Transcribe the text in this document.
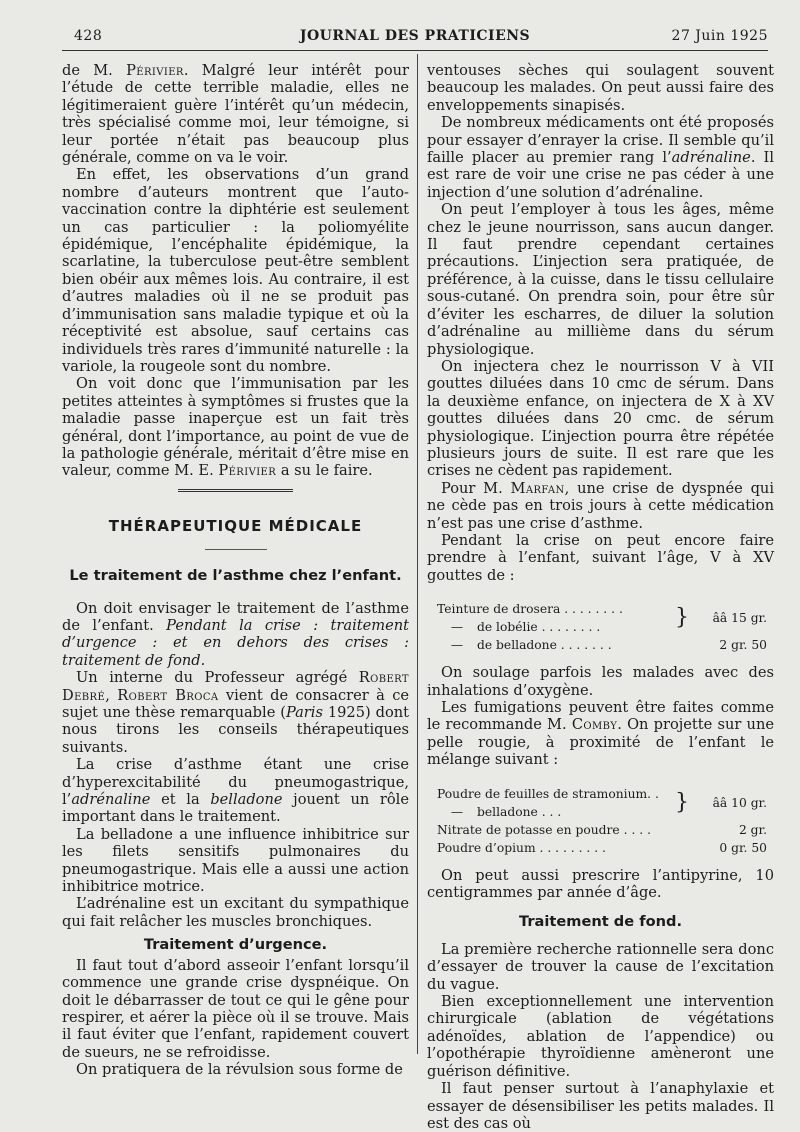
428	JOURNAL DES PRATICIENS	27 Juin 1925

de M. Périvier. Malgré leur intérêt pour l’étude de cette terrible maladie, elles ne légitimeraient guère l’intérêt qu’un médecin, très spécialisé comme moi, leur témoigne, si leur portée n’était pas beaucoup plus générale, comme on va le voir.

En effet, les observations d’un grand nombre d’auteurs montrent que l’auto-vaccination contre la diphtérie est seulement un cas particulier : la poliomyélite épidémique, l’encéphalite épidémique, la scarlatine, la tuberculose peut-être semblent bien obéir aux mêmes lois. Au contraire, il est d’autres maladies où il ne se produit pas d’immunisation sans maladie typique et où la réceptivité est absolue, sauf certains cas individuels très rares d’immunité naturelle : la variole, la rougeole sont du nombre.

On voit donc que l’immunisation par les petites atteintes à symptômes si frustes que la maladie passe inaperçue est un fait très général, dont l’importance, au point de vue de la pathologie générale, méritait d’être mise en valeur, comme M. E. Périvier a su le faire.

THÉRAPEUTIQUE MÉDICALE
Le traitement de l’asthme chez l’enfant.

On doit envisager le traitement de l’asthme de l’enfant. Pendant la crise : traitement d’urgence : et en dehors des crises : traitement de fond.

Un interne du Professeur agrégé Robert Debré, Robert Broca vient de consacrer à ce sujet une thèse remarquable (Paris 1925) dont nous tirons les conseils thérapeutiques suivants.

La crise d’asthme étant une crise d’hyperexcitabilité du pneumogastrique, l’adrénaline et la belladone jouent un rôle important dans le traitement.

La belladone a une influence inhibitrice sur les filets sensitifs pulmonaires du pneumogastrique. Mais elle a aussi une action inhibitrice motrice.

L’adrénaline est un excitant du sympathique qui fait relâcher les muscles bronchiques.

Traitement d’urgence.

Il faut tout d’abord asseoir l’enfant lorsqu’il commence une grande crise dyspnéique. On doit le débarrasser de tout ce qui le gêne pour respirer, et aérer la pièce où il se trouve. Mais il faut éviter que l’enfant, rapidement couvert de sueurs, ne se refroidisse.

On pratiquera de la révulsion sous forme de

ventouses sèches qui soulagent souvent beaucoup les malades. On peut aussi faire des enveloppements sinapisés.

De nombreux médicaments ont été proposés pour essayer d’enrayer la crise. Il semble qu’il faille placer au premier rang l’adrénaline. Il est rare de voir une crise ne pas céder à une injection d’une solution d’adrénaline.

On peut l’employer à tous les âges, même chez le jeune nourrisson, sans aucun danger. Il faut prendre cependant certaines précautions. L’injection sera pratiquée, de préférence, à la cuisse, dans le tissu cellulaire sous-cutané. On prendra soin, pour être sûr d’éviter les escharres, de diluer la solution d’adrénaline au millième dans du sérum physiologique.

On injectera chez le nourrisson V à VII gouttes diluées dans 10 cmc de sérum. Dans la deuxième enfance, on injectera de X à XV gouttes diluées dans 20 cmc. de sérum physiologique. L’injection pourra être répétée plusieurs jours de suite. Il est rare que les crises ne cèdent pas rapidement.

Pour M. Marfan, une crise de dyspnée qui ne cède pas en trois jours à cette médication n’est pas une crise d’asthme.

Pendant la crise on peut encore faire prendre à l’enfant, suivant l’âge, V à XV gouttes de :

Teinture de drosera . . . . . . . .	}	ââ 15 gr.
— de lobélie . . . . . . . .		
— de belladone . . . . . . .		2 gr. 50

On soulage parfois les malades avec des inhalations d’oxygène.

Les fumigations peuvent être faites comme le recommande M. Comby. On projette sur une pelle rougie, à proximité de l’enfant le mélange suivant :

Poudre de feuilles de stramonium. .	}	ââ 10 gr.
— belladone . . .		
Nitrate de potasse en poudre . . . .		2 gr.
Poudre d’opium . . . . . . . . .		0 gr. 50

On peut aussi prescrire l’antipyrine, 10 centigrammes par année d’âge.

Traitement de fond.

La première recherche rationnelle sera donc d’essayer de trouver la cause de l’excitation du vague.

Bien exceptionnellement une intervention chirurgicale (ablation de végétations adénoïdes, ablation de l’appendice) ou l’opothérapie thyroïdienne amèneront une guérison définitive.

Il faut penser surtout à l’anaphylaxie et essayer de désensibiliser les petits malades. Il est des cas où
